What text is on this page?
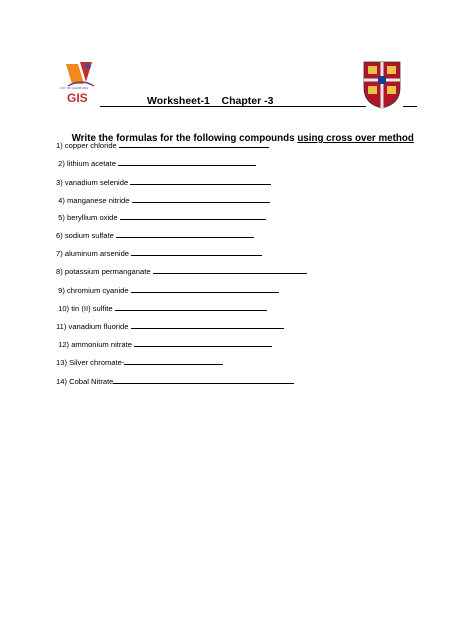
JOY OF LEARNING
GIS	Worksheet-1    Chapter -3

Write the formulas for the following compounds using cross over method

1) copper chloride
2) lithium acetate
3) vanadium selenide
4) manganese nitride
5) beryllium oxide
6) sodium sulfate
7) aluminum arsenide
8) potassium permanganate
9) chromium cyanide
10) tin (II) sulfite
11) vanadium fluoride
12) ammonium nitrate
13) Silver chromate-
14) Cobal Nitrate
